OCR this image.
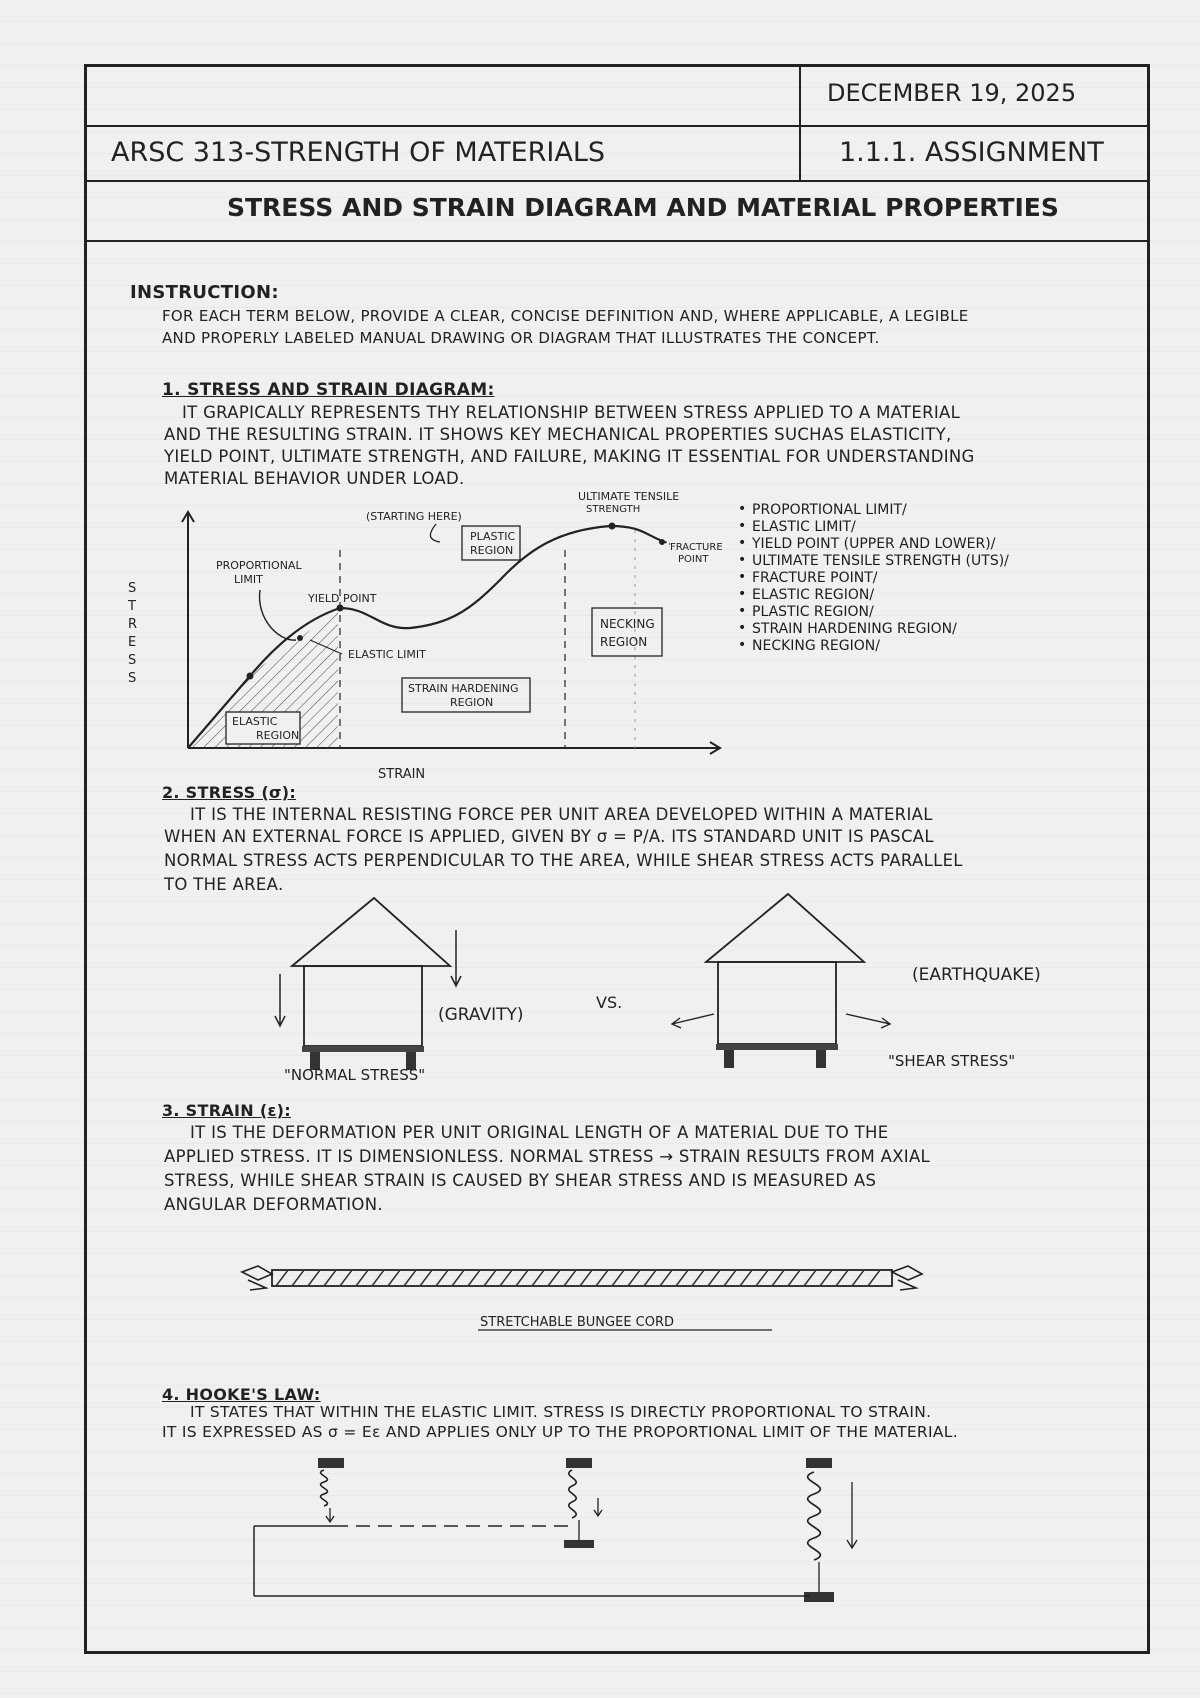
DECEMBER 19, 2025
ARSC 313-STRENGTH OF MATERIALS	1.1.1. ASSIGNMENT
STRESS AND STRAIN DIAGRAM AND MATERIAL PROPERTIES
INSTRUCTION:
FOR EACH TERM BELOW, PROVIDE A CLEAR, CONCISE DEFINITION AND, WHERE APPLICABLE, A LEGIBLE
AND PROPERLY LABELED MANUAL DRAWING OR DIAGRAM THAT ILLUSTRATES THE CONCEPT.
1. STRESS AND STRAIN DIAGRAM:
IT GRAPICALLY REPRESENTS THY RELATIONSHIP BETWEEN STRESS APPLIED TO A MATERIAL
AND THE RESULTING STRAIN. IT SHOWS KEY MECHANICAL PROPERTIES SUCHAS ELASTICITY,
YIELD POINT, ULTIMATE STRENGTH, AND FAILURE, MAKING IT ESSENTIAL FOR UNDERSTANDING
MATERIAL BEHAVIOR UNDER LOAD.
S
T
R
E
S
S
STRAIN
PROPORTIONAL
LIMIT
YIELD POINT
ELASTIC LIMIT
(STARTING HERE)
PLASTIC
REGION
ULTIMATE TENSILE
STRENGTH
FRACTURE
POINT
NECKING
REGION
STRAIN HARDENING
REGION
ELASTIC
REGION
• PROPORTIONAL LIMIT/
• ELASTIC LIMIT/
• YIELD POINT (UPPER AND LOWER)/
• ULTIMATE TENSILE STRENGTH (UTS)/
• FRACTURE POINT/
• ELASTIC REGION/
• PLASTIC REGION/
• STRAIN HARDENING REGION/
• NECKING REGION/
2. STRESS (σ):
IT IS THE INTERNAL RESISTING FORCE PER UNIT AREA DEVELOPED WITHIN A MATERIAL
WHEN AN EXTERNAL FORCE IS APPLIED, GIVEN BY σ = P/A. ITS STANDARD UNIT IS PASCAL
NORMAL STRESS ACTS PERPENDICULAR TO THE AREA, WHILE SHEAR STRESS ACTS PARALLEL
TO THE AREA.
(GRAVITY)
VS.
"NORMAL STRESS"
(EARTHQUAKE)
"SHEAR STRESS"
3. STRAIN (ε):
IT IS THE DEFORMATION PER UNIT ORIGINAL LENGTH OF A MATERIAL DUE TO THE
APPLIED STRESS. IT IS DIMENSIONLESS. NORMAL STRESS → STRAIN RESULTS FROM AXIAL
STRESS, WHILE SHEAR STRAIN IS CAUSED BY SHEAR STRESS AND IS MEASURED AS
ANGULAR DEFORMATION.
STRETCHABLE BUNGEE CORD
4. HOOKE'S LAW:
IT STATES THAT WITHIN THE ELASTIC LIMIT. STRESS IS DIRECTLY PROPORTIONAL TO STRAIN.
IT IS EXPRESSED AS σ = Eε AND APPLIES ONLY UP TO THE PROPORTIONAL LIMIT OF THE MATERIAL.
